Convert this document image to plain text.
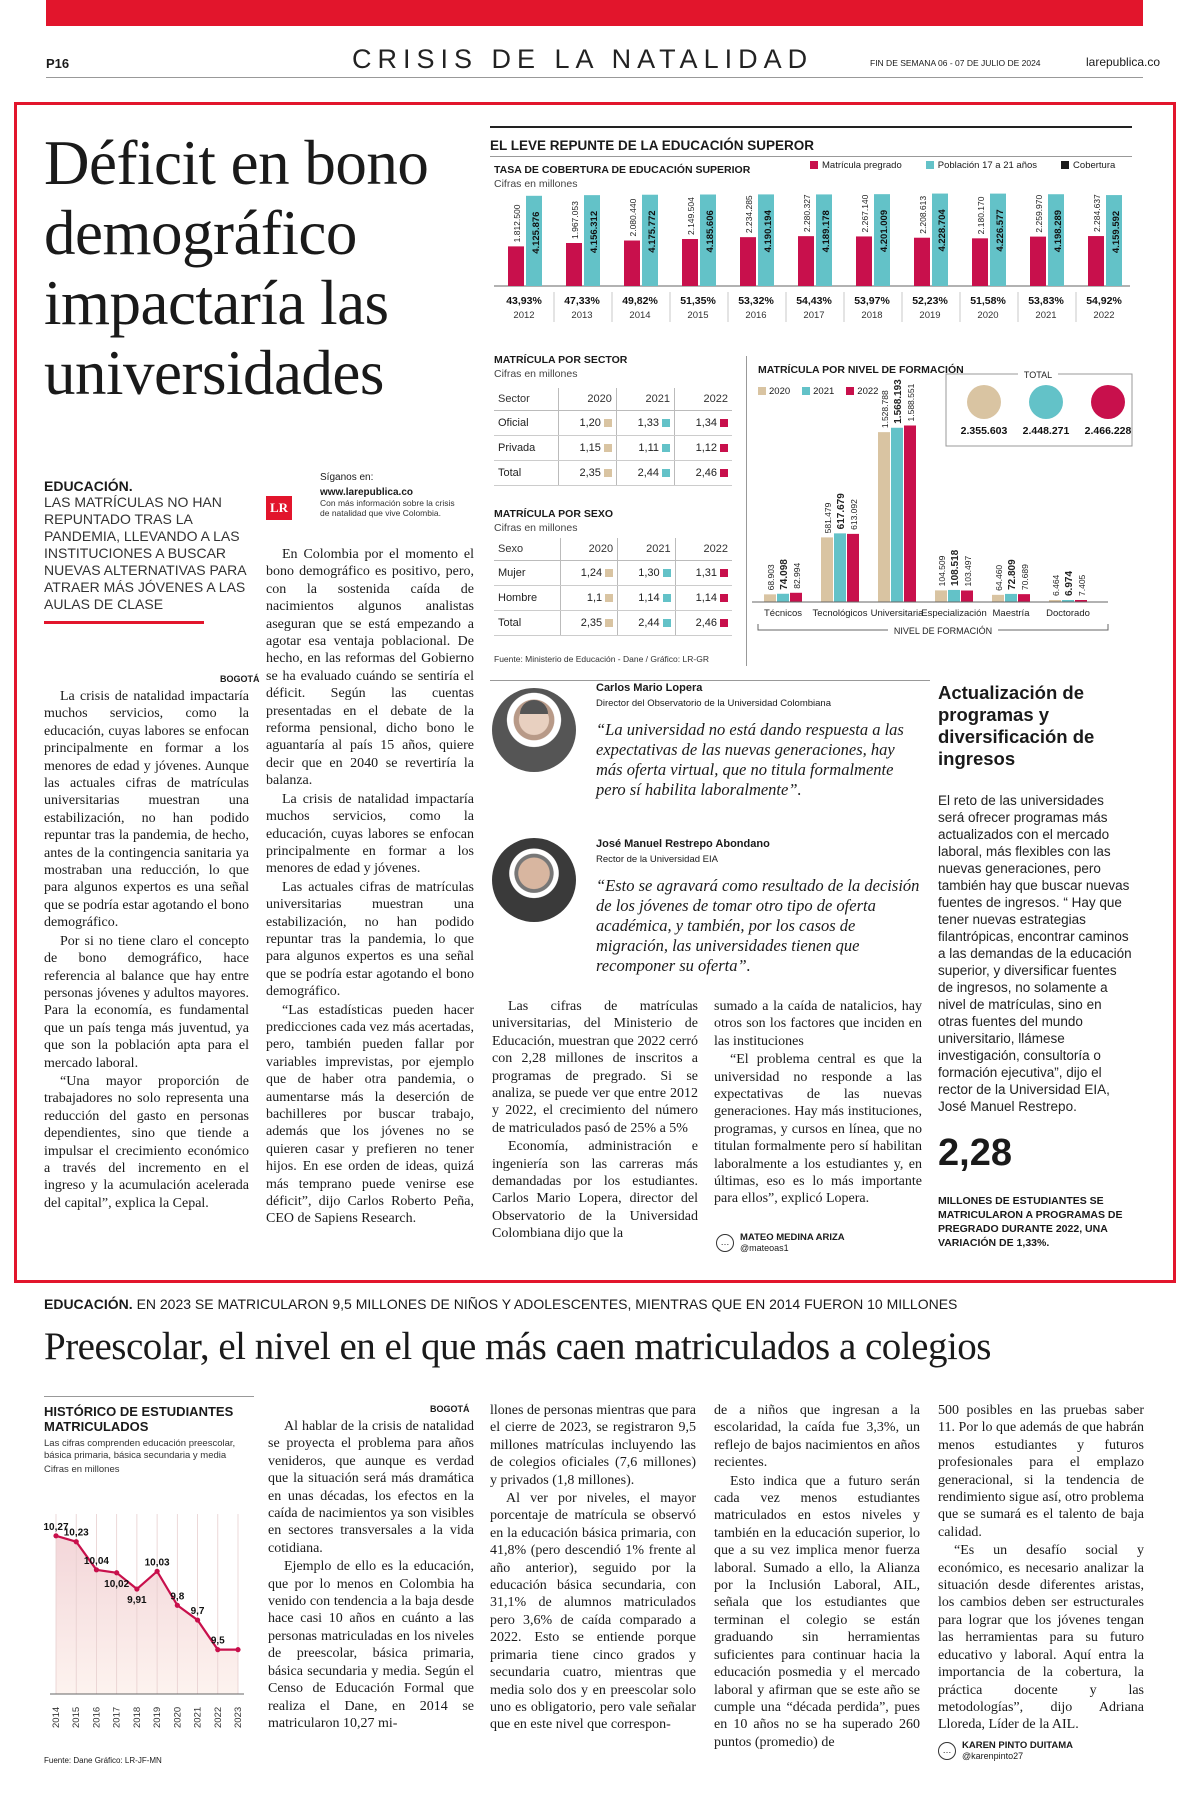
P16	CRISIS DE LA NATALIDAD	FIN DE SEMANA 06 - 07 DE JULIO DE 2024	larepublica.co
Déficit en bono demográfico impactaría las universidades
EDUCACIÓN.
LAS MATRÍCULAS NO HAN REPUNTADO TRAS LA PANDEMIA, LLEVANDO A LAS INSTITUCIONES A BUSCAR NUEVAS ALTERNATIVAS PARA ATRAER MÁS JÓVENES A LAS AULAS DE CLASE
Síganos en:
LR
www.larepublica.co
Con más información sobre la crisis de natalidad que vive Colombia.
BOGOTÁ

La crisis de natalidad impactaría muchos servicios, como la educación, cuyas labores se enfocan principalmente en formar a los menores de edad y jóvenes. Aunque las actuales cifras de matrículas universitarias muestran una estabilización, no han podido repuntar tras la pandemia, de hecho, antes de la contingencia sanitaria ya mostraban una reducción, lo que para algunos expertos es una señal que se podría estar agotando el bono demográfico.

Por si no tiene claro el concepto de bono demográfico, hace referencia al balance que hay entre personas jóvenes y adultos mayores. Para la economía, es fundamental que un país tenga más juventud, ya que son la población apta para el mercado laboral.

“Una mayor proporción de trabajadores no solo representa una reducción del gasto en personas dependientes, sino que tiende a impulsar el crecimiento económico a través del incremento en el ingreso y la acumulación acelerada del capital”, explica la Cepal.

En Colombia por el momento el bono demográfico es positivo, pero, con la sostenida caída de nacimientos algunos analistas aseguran que se está empezando a agotar esa ventaja poblacional. De hecho, en las reformas del Gobierno se ha evaluado cuándo se sentiría el déficit. Según las cuentas presentadas en el debate de la reforma pensional, dicho bono le aguantaría al país 15 años, quiere decir que en 2040 se revertiría la balanza.

La crisis de natalidad impactaría muchos servicios, como la educación, cuyas labores se enfocan principalmente en formar a los menores de edad y jóvenes.

Las actuales cifras de matrículas universitarias muestran una estabilización, no han podido repuntar tras la pandemia, lo que para algunos expertos es una señal que se podría estar agotando el bono demográfico.

“Las estadísticas pueden hacer predicciones cada vez más acertadas, pero, también pueden fallar por variables imprevistas, por ejemplo que de haber otra pandemia, o aumentarse más la deserción de bachilleres por buscar trabajo, además que los jóvenes no se quieren casar y prefieren no tener hijos. En ese orden de ideas, quizá más temprano puede venirse ese déficit”, dijo Carlos Roberto Peña, CEO de Sapiens Research.

EL LEVE REPUNTE DE LA EDUCACIÓN SUPEROR
TASA DE COBERTURA DE EDUCACIÓN SUPERIOR
Cifras en millones
Matrícula pregrado	Población 17 a 21 años	Cobertura
1.812.500 4.125.876
43,93%
2012
1.967.053 4.156.312
47,33%
2013
2.080.440 4.175.772
49,82%
2014
2.149.504 4.185.606
51,35%
2015
2.234.285 4.190.194
53,32%
2016
2.280.327 4.189.178
54,43%
2017
2.267.140 4.201.009
53,97%
2018
2.208.613 4.228.704
52,23%
2019
2.180.170 4.226.577
51,58%
2020
2.259.970 4.198.289
53,83%
2021
2.284.637 4.159.592
54,92%
2022
MATRÍCULA POR SECTOR
Cifras en millones
Sector	2020	2021	2022
Oficial	1,20	1,33	1,34
Privada	1,15	1,11	1,12
Total	2,35	2,44	2,46
MATRÍCULA POR SEXO
Cifras en millones
Sexo	2020	2021	2022
Mujer	1,24	1,30	1,31
Hombre	1,1	1,14	1,14
Total	2,35	2,44	2,46
Fuente: Ministerio de Educación - Dane / Gráfico: LR-GR
MATRÍCULA POR NIVEL DE FORMACIÓN
2020	2021	2022
68.903 74.098 82.994
Técnicos
581.479 617.679 613.092
Tecnológicos
1.528.788 1.568.193 1.588.551
Universitaria
104.509 108.518 103.497
Especialización
64.460 72.809 70.689
Maestría
6.464 6.974 7.405
Doctorado
NIVEL DE FORMACIÓN
TOTAL
2.355.603 2.448.271 2.466.228
Carlos Mario Lopera
Director del Observatorio de la Universidad Colombiana
“La universidad no está dando respuesta a las expectativas de las nuevas generaciones, hay más oferta virtual, que no titula formalmente pero sí habilita laboralmente”.
José Manuel Restrepo Abondano
Rector de la Universidad EIA
“Esto se agravará como resultado de la decisión de los jóvenes de tomar otro tipo de oferta académica, y también, por los casos de migración, las universidades tienen que recomponer su oferta”.

Las cifras de matrículas universitarias, del Ministerio de Educación, muestran que 2022 cerró con 2,28 millones de inscritos a programas de pregrado. Si se analiza, se puede ver que entre 2012 y 2022, el crecimiento del número de matriculados pasó de 25% a 5%

Economía, administración e ingeniería son las carreras más demandadas por los estudiantes. Carlos Mario Lopera, director del Observatorio de la Universidad Colombiana dijo que la

sumado a la caída de natalicios, hay otros son los factores que inciden en las instituciones

“El problema central es que la universidad no responde a las expectativas de las nuevas generaciones. Hay más instituciones, programas, y cursos en línea, que no titulan formalmente pero sí habilitan laboralmente a los estudiantes y, en últimas, eso es lo más importante para ellos”, explicó Lopera.

…	MATEO MEDINA ARIZA
@mateoas1
Actualización de programas y diversificación de ingresos
El reto de las universidades será ofrecer programas más actualizados con el mercado laboral, más flexibles con las nuevas generaciones, pero también hay que buscar nuevas fuentes de ingresos. “ Hay que tener nuevas estrategias filantrópicas, encontrar caminos a las demandas de la educación superior, y diversificar fuentes de ingresos, no solamente a nivel de matrículas, sino en otras fuentes del mundo universitario, llámese investigación, consultoría o formación ejecutiva”, dijo el rector de la Universidad EIA, José Manuel Restrepo.
2,28
MILLONES DE ESTUDIANTES SE MATRICULARON A PROGRAMAS DE PREGRADO DURANTE 2022, UNA VARIACIÓN DE 1,33%.
EDUCACIÓN. EN 2023 SE MATRICULARON 9,5 MILLONES DE NIÑOS Y ADOLESCENTES, MIENTRAS QUE EN 2014 FUERON 10 MILLONES
Preescolar, el nivel en el que más caen matriculados a colegios
HISTÓRICO DE ESTUDIANTES MATRICULADOS
Las cifras comprenden educación preescolar, básica primaria, básica secundaria y media
Cifras en millones
10,27
10,23
10,04
10,02
9,91
10,03
9,8
9,7
9,5
2014 2015 2016 2017 2018 2019 2020 2021 2022 2023
Fuente: Dane Gráfico: LR-JF-MN
BOGOTÁ

Al hablar de la crisis de natalidad se proyecta el problema para años venideros, que aunque es verdad que la situación será más dramática en unas décadas, los efectos en la caída de nacimientos ya son visibles en sectores transversales a la vida cotidiana.

Ejemplo de ello es la educación, que por lo menos en Colombia ha venido con tendencia a la baja desde hace casi 10 años en cuánto a las personas matriculadas en los niveles de preescolar, básica primaria, básica secundaria y media. Según el Censo de Educación Formal que realiza el Dane, en 2014 se matricularon 10,27 mi-

llones de personas mientras que para el cierre de 2023, se registraron 9,5 millones matrículas incluyendo las de colegios oficiales (7,6 millones) y privados (1,8 millones).

Al ver por niveles, el mayor porcentaje de matrícula se observó en la educación básica primaria, con 41,8% (pero descendió 1% frente al año anterior), seguido por la educación básica secundaria, con 31,1% de alumnos matriculados pero 3,6% de caída comparado a 2022. Esto se entiende porque primaria tiene cinco grados y secundaria cuatro, mientras que media solo dos y en preescolar solo uno es obligatorio, pero vale señalar que en este nivel que correspon-

de a niños que ingresan a la escolaridad, la caída fue 3,3%, un reflejo de bajos nacimientos en años recientes.

Esto indica que a futuro serán cada vez menos estudiantes matriculados en estos niveles y también en la educación superior, lo que a su vez implica menor fuerza laboral. Sumado a ello, la Alianza por la Inclusión Laboral, AIL, señala que los estudiantes que terminan el colegio se están graduando sin herramientas suficientes para continuar hacia la educación posmedia y el mercado laboral y afirman que se este año se cumple una “década perdida”, pues en 10 años no se ha superado 260 puntos (promedio) de

500 posibles en las pruebas saber 11. Por lo que además de que habrán menos estudiantes y futuros profesionales para el emplazo generacional, si la tendencia de rendimiento sigue así, otro problema que se sumará es el talento de baja calidad.

“Es un desafío social y económico, es necesario analizar la situación desde diferentes aristas, los cambios deben ser estructurales para lograr que los jóvenes tengan las herramientas para su futuro educativo y laboral. Aquí entra la importancia de la cobertura, la práctica docente y las metodologías”, dijo Adriana Lloreda, Líder de la AIL.

…	KAREN PINTO DUITAMA
@karenpinto27
